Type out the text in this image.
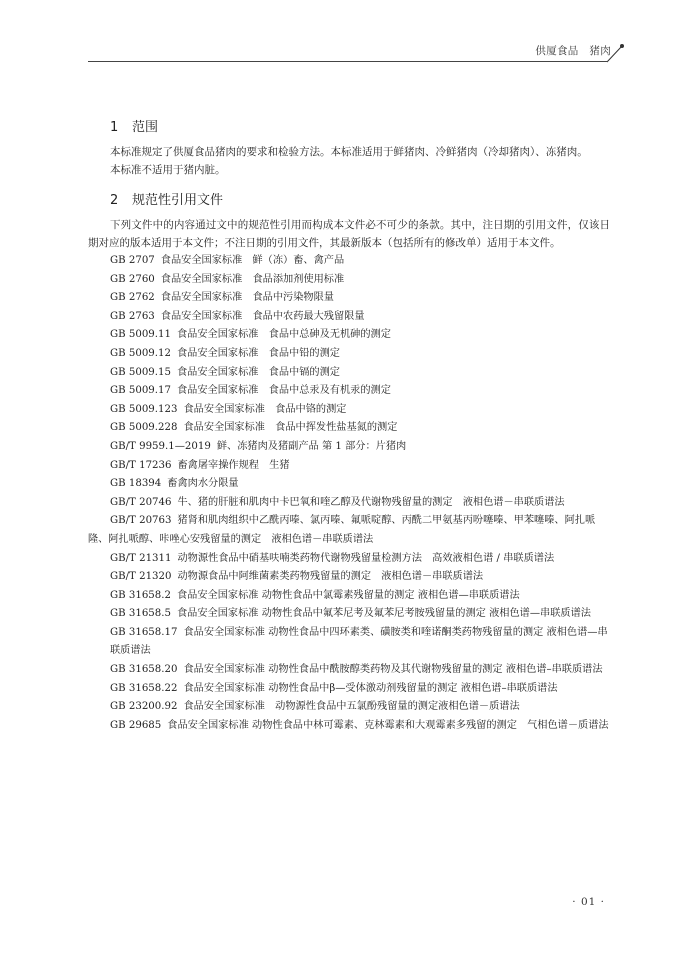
供厦食品　猪肉
1 范围

本标准规定了供厦食品猪肉的要求和检验方法。本标准适用于鲜猪肉、冷鲜猪肉（冷却猪肉）、冻猪肉。

本标准不适用于猪内脏。

2 规范性引用文件

下列文件中的内容通过文中的规范性引用而构成本文件必不可少的条款。其中，注日期的引用文件，仅该日期对应的版本适用于本文件；不注日期的引用文件，其最新版本（包括所有的修改单）适用于本文件。

GB 2707 食品安全国家标准　鲜（冻）畜、禽产品
GB 2760 食品安全国家标准　食品添加剂使用标准
GB 2762 食品安全国家标准　食品中污染物限量
GB 2763 食品安全国家标准　食品中农药最大残留限量
GB 5009.11 食品安全国家标准　食品中总砷及无机砷的测定
GB 5009.12 食品安全国家标准　食品中铅的测定
GB 5009.15 食品安全国家标准　食品中镉的测定
GB 5009.17 食品安全国家标准　食品中总汞及有机汞的测定
GB 5009.123 食品安全国家标准　食品中铬的测定
GB 5009.228 食品安全国家标准　食品中挥发性盐基氮的测定
GB/T 9959.1—2019 鲜、冻猪肉及猪副产品 第 1 部分：片猪肉
GB/T 17236 畜禽屠宰操作规程　生猪
GB 18394 畜禽肉水分限量
GB/T 20746 牛、猪的肝脏和肌肉中卡巴氧和喹乙醇及代谢物残留量的测定　液相色谱－串联质谱法
GB/T 20763 猪肾和肌肉组织中乙酰丙嗪、氯丙嗪、氟哌啶醇、丙酰二甲氨基丙吩噻嗪、甲苯噻嗪、阿扎哌隆、阿扎哌醇、咔唑心安残留量的测定　液相色谱－串联质谱法
GB/T 21311 动物源性食品中硝基呋喃类药物代谢物残留量检测方法　高效液相色谱 / 串联质谱法
GB/T 21320 动物源食品中阿维菌素类药物残留量的测定　液相色谱－串联质谱法
GB 31658.2 食品安全国家标准 动物性食品中氯霉素残留量的测定 液相色谱—串联质谱法
GB 31658.5 食品安全国家标准 动物性食品中氟苯尼考及氟苯尼考胺残留量的测定 液相色谱—串联质谱法
GB 31658.17 食品安全国家标准 动物性食品中四环素类、磺胺类和喹诺酮类药物残留量的测定 液相色谱—串联质谱法
GB 31658.20 食品安全国家标准 动物性食品中酰胺醇类药物及其代谢物残留量的测定 液相色谱–串联质谱法
GB 31658.22 食品安全国家标准 动物性食品中β—受体激动剂残留量的测定 液相色谱–串联质谱法
GB 23200.92 食品安全国家标准　动物源性食品中五氯酚残留量的测定液相色谱－质谱法
GB 29685 食品安全国家标准 动物性食品中林可霉素、克林霉素和大观霉素多残留的测定　气相色谱－质谱法
· 01 ·
